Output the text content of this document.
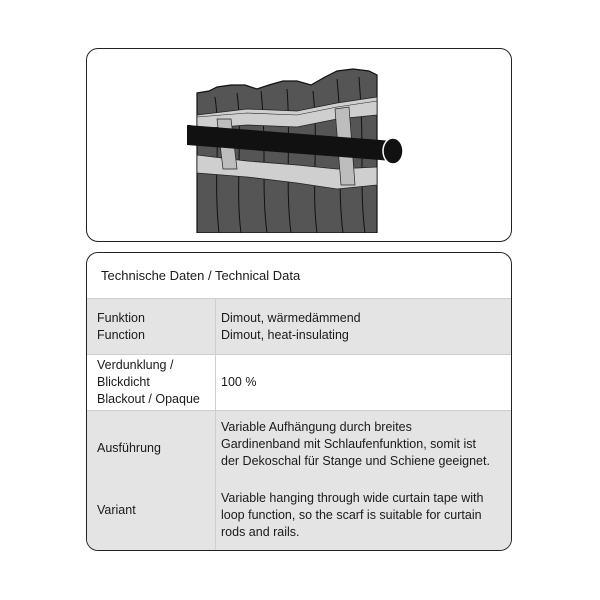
Technische Daten / Technical Data
Funktion
Function
Dimout, wärmedämmend
Dimout, heat-insulating
Verdunklung /
Blickdicht
Blackout / Opaque
100 %
Ausführung
Variant
Variable Aufhängung durch breites
Gardinenband mit Schlaufenfunktion, somit ist
der Dekoschal für Stange und Schiene geeignet.
Variable hanging through wide curtain tape with
loop function, so the scarf is suitable for curtain
rods and rails.
